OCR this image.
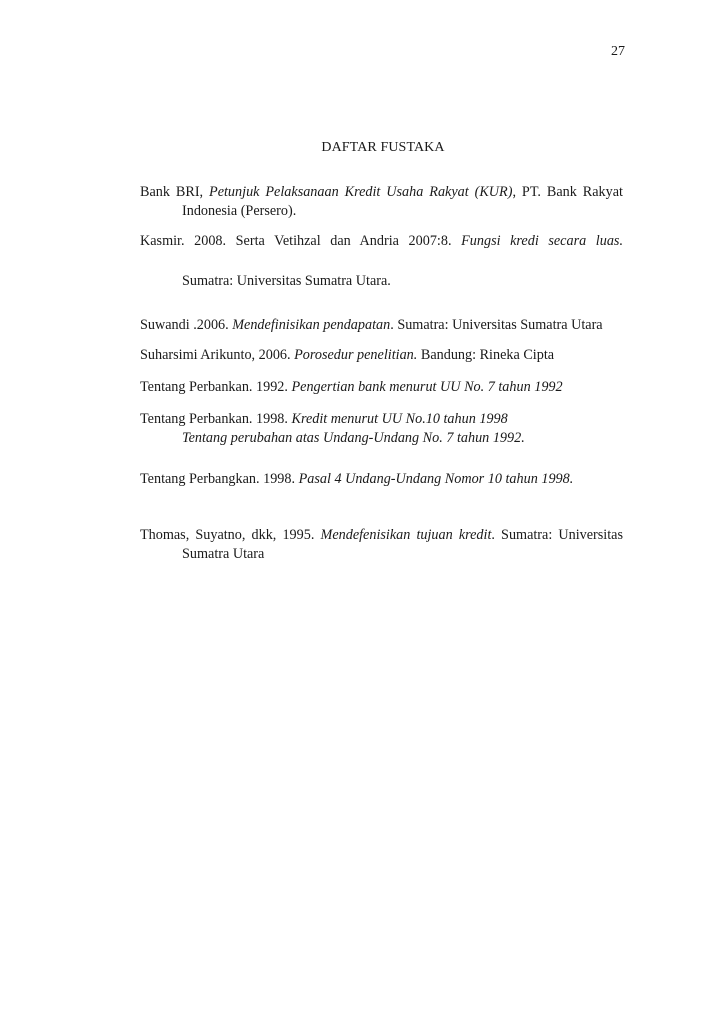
27
DAFTAR FUSTAKA
Bank BRI, Petunjuk Pelaksanaan Kredit Usaha Rakyat (KUR), PT. Bank Rakyat
Indonesia (Persero).
Kasmir. 2008. Serta Vetihzal dan Andria 2007:8. Fungsi kredi secara luas.
Sumatra: Universitas Sumatra Utara.
Suwandi .2006. Mendefinisikan pendapatan. Sumatra: Universitas Sumatra Utara
Suharsimi Arikunto, 2006. Porosedur penelitian. Bandung: Rineka Cipta
Tentang Perbankan. 1992. Pengertian bank menurut UU No. 7 tahun 1992
Tentang Perbankan. 1998. Kredit menurut UU No.10 tahun 1998
Tentang perubahan atas Undang-Undang No. 7 tahun 1992.
Tentang Perbangkan. 1998. Pasal 4 Undang-Undang Nomor 10 tahun 1998.
Thomas, Suyatno, dkk, 1995. Mendefenisikan tujuan kredit. Sumatra: Universitas
Sumatra Utara
